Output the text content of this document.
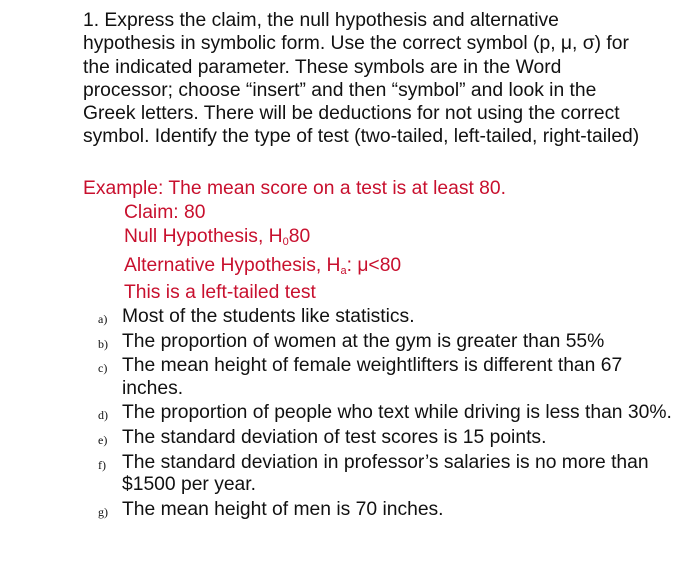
1. Express the claim, the null hypothesis and alternative hypothesis in symbolic form. Use the correct symbol (p, μ, σ) for the indicated parameter. These symbols are in the Word processor; choose “insert” and then “symbol” and look in the Greek letters. There will be deductions for not using the correct symbol. Identify the type of test (two-tailed, left-tailed, right-tailed)

Example: The mean score on a test is at least 80.
Claim: 80
Null Hypothesis, $H_080$
Alternative Hypothesis, $H_a$: μ<80
This is a left-tailed test
a) Most of the students like statistics.
b) The proportion of women at the gym is greater than 55%
c) The mean height of female weightlifters is different than 67 inches.
d) The proportion of people who text while driving is less than 30%.
e) The standard deviation of test scores is 15 points.
f) The standard deviation in professor’s salaries is no more than $1500 per year.
g) The mean height of men is 70 inches.
